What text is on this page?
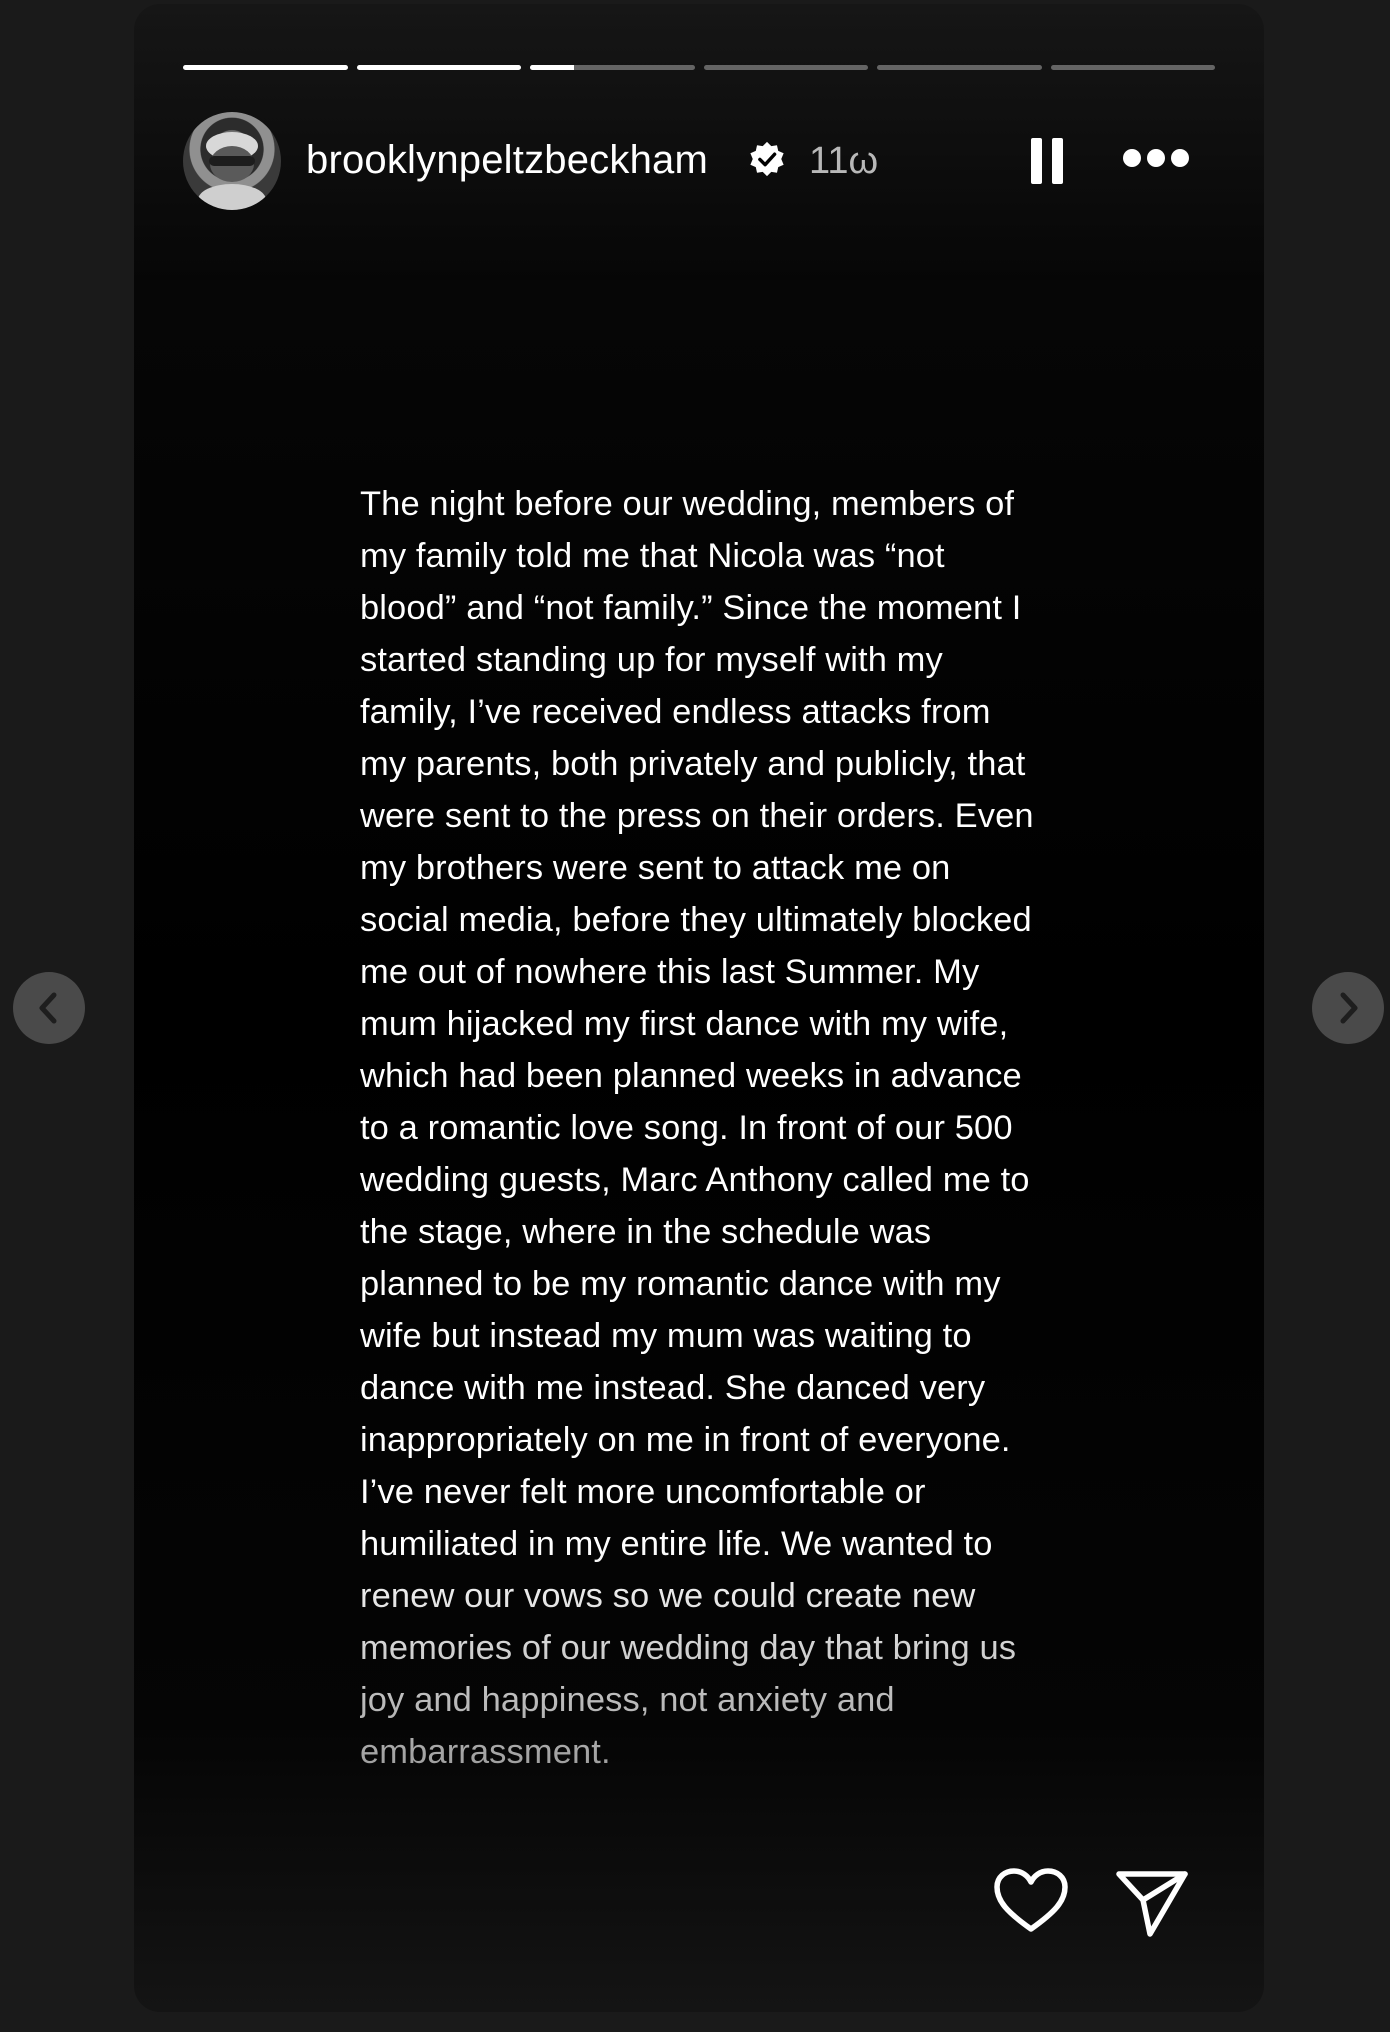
brooklynpeltzbeckham	11ω
The night before our wedding, members of
my family told me that Nicola was “not
blood” and “not family.” Since the moment I
started standing up for myself with my
family, I’ve received endless attacks from
my parents, both privately and publicly, that
were sent to the press on their orders. Even
my brothers were sent to attack me on
social media, before they ultimately blocked
me out of nowhere this last Summer. My
mum hijacked my first dance with my wife,
which had been planned weeks in advance
to a romantic love song. In front of our 500
wedding guests, Marc Anthony called me to
the stage, where in the schedule was
planned to be my romantic dance with my
wife but instead my mum was waiting to
dance with me instead. She danced very
inappropriately on me in front of everyone.
I’ve never felt more uncomfortable or
humiliated in my entire life. We wanted to
renew our vows so we could create new
memories of our wedding day that bring us
joy and happiness, not anxiety and
embarrassment.
